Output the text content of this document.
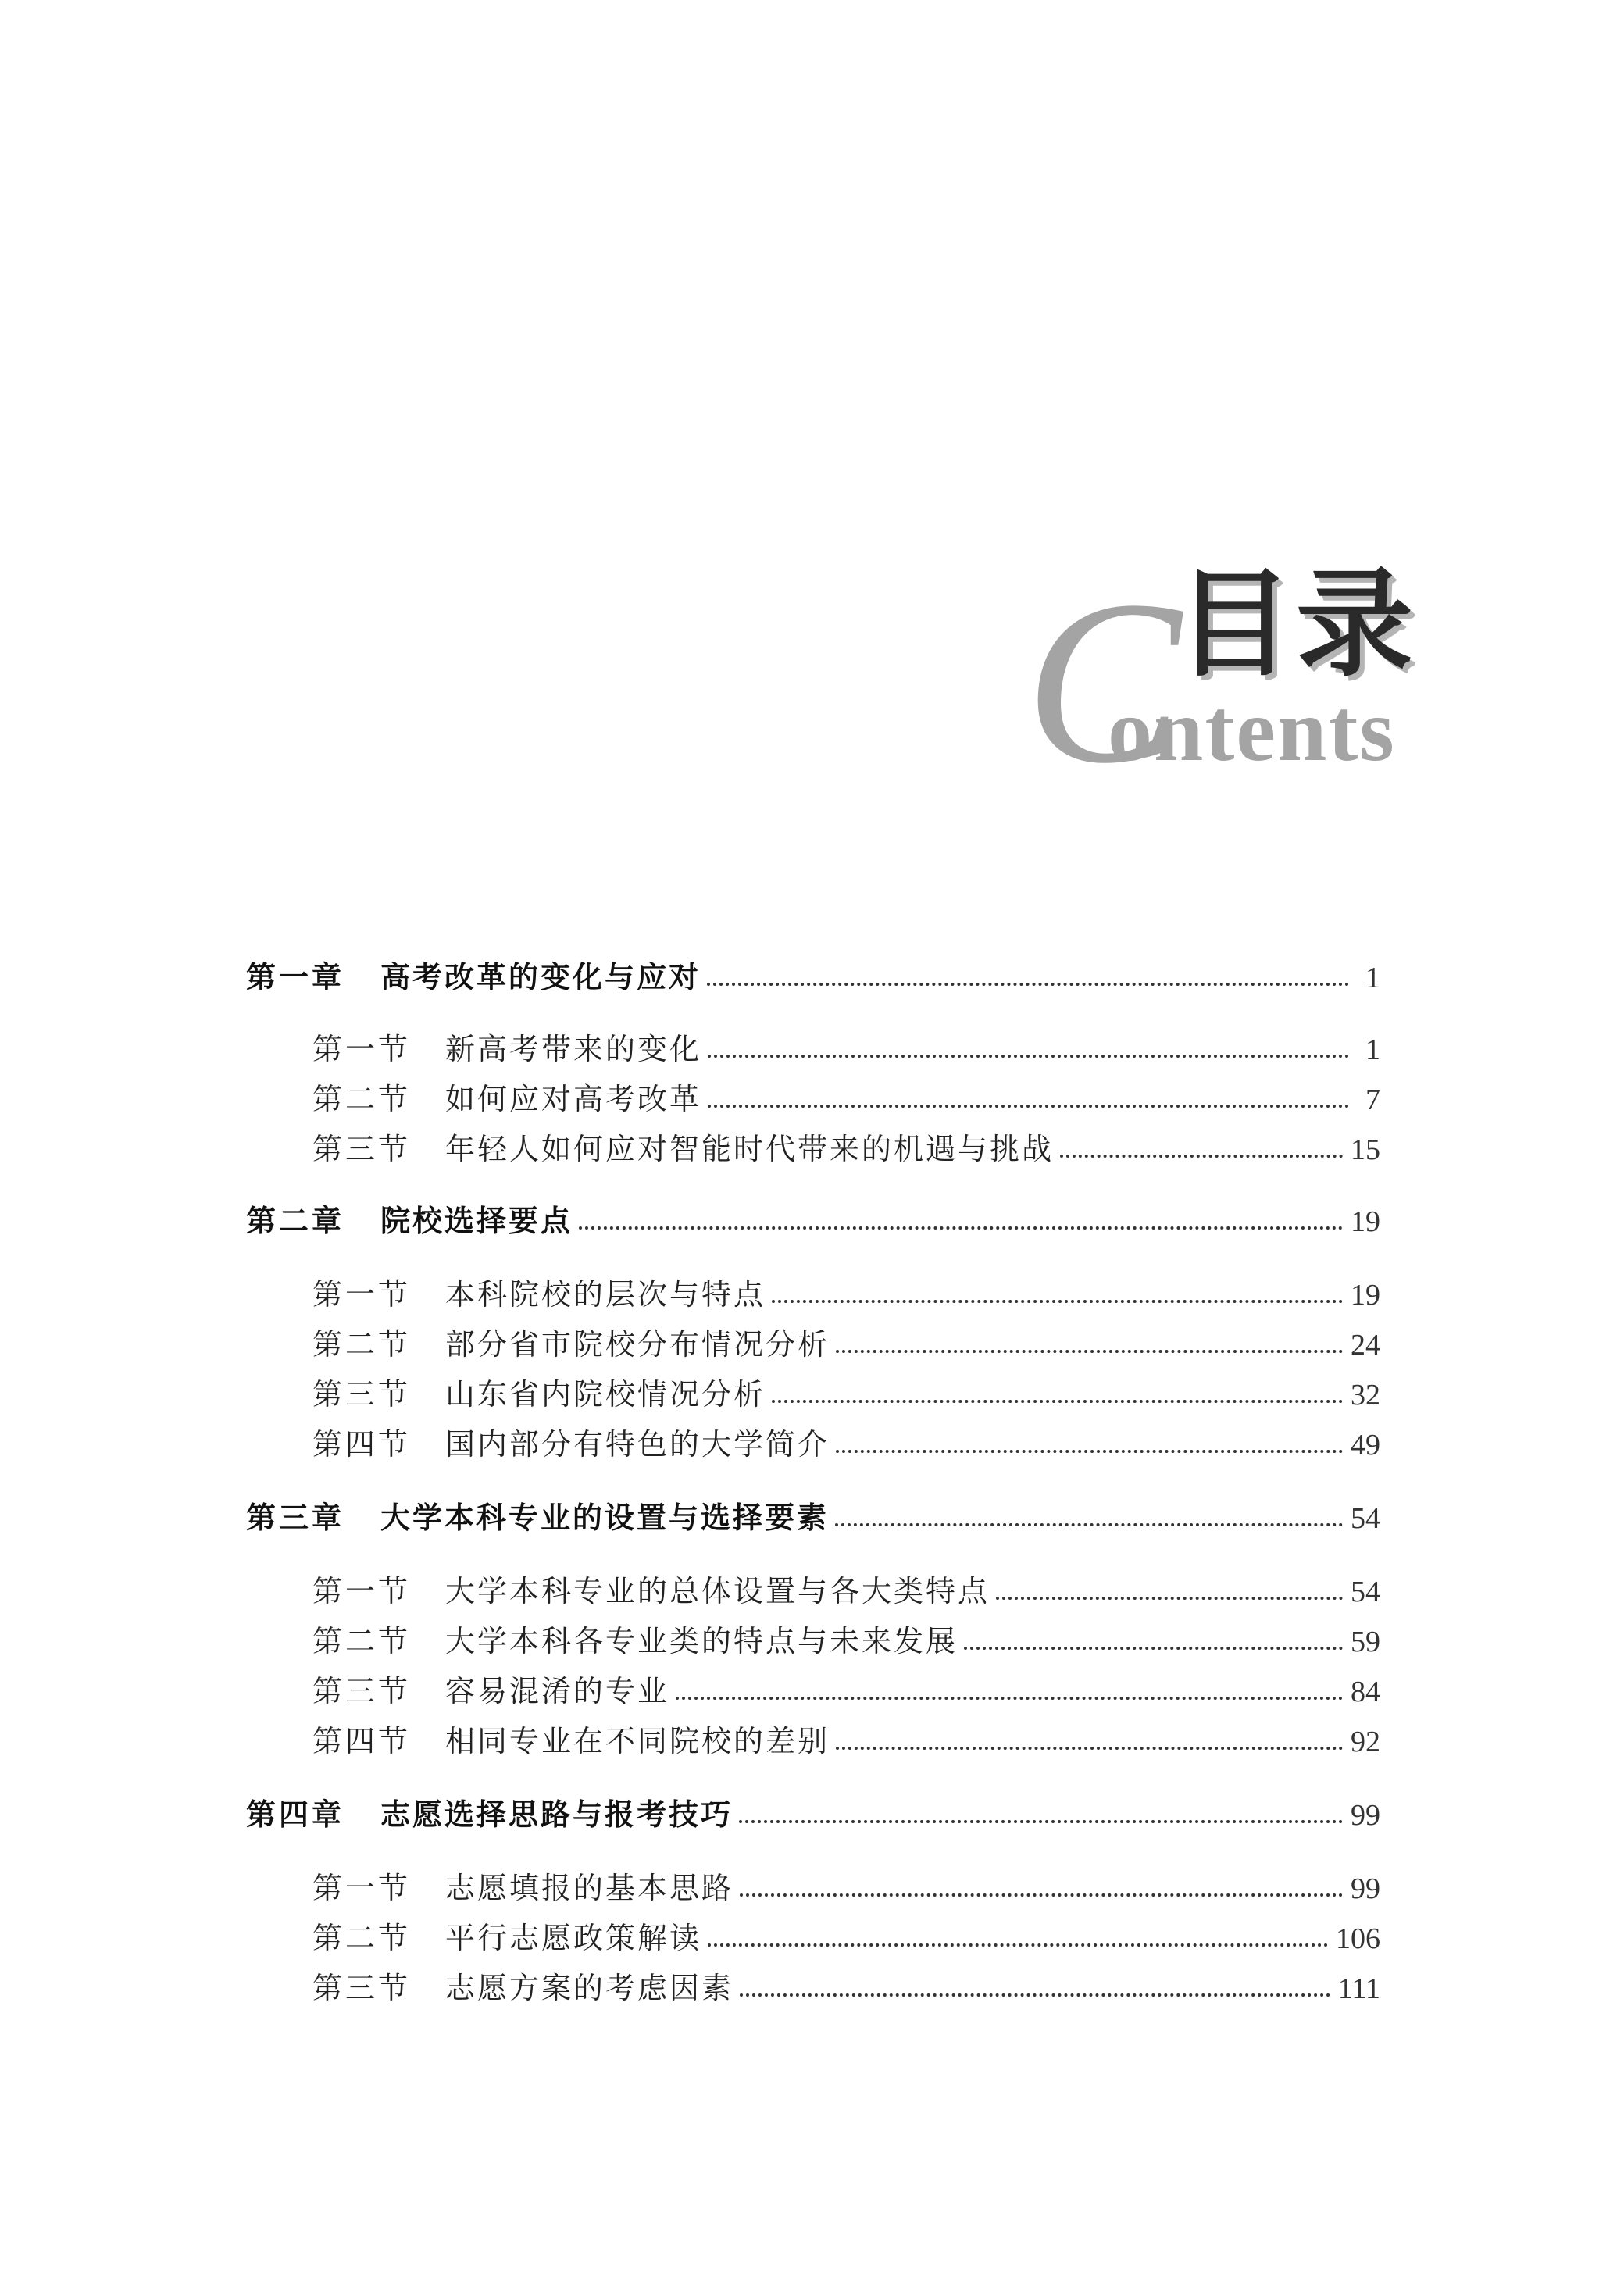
C
目录
ontents
第一章	高考改革的变化与应对	1
第一节	新高考带来的变化	1
第二节	如何应对高考改革	7
第三节	年轻人如何应对智能时代带来的机遇与挑战	15
第二章	院校选择要点	19
第一节	本科院校的层次与特点	19
第二节	部分省市院校分布情况分析	24
第三节	山东省内院校情况分析	32
第四节	国内部分有特色的大学简介	49
第三章	大学本科专业的设置与选择要素	54
第一节	大学本科专业的总体设置与各大类特点	54
第二节	大学本科各专业类的特点与未来发展	59
第三节	容易混淆的专业	84
第四节	相同专业在不同院校的差别	92
第四章	志愿选择思路与报考技巧	99
第一节	志愿填报的基本思路	99
第二节	平行志愿政策解读	106
第三节	志愿方案的考虑因素	111
